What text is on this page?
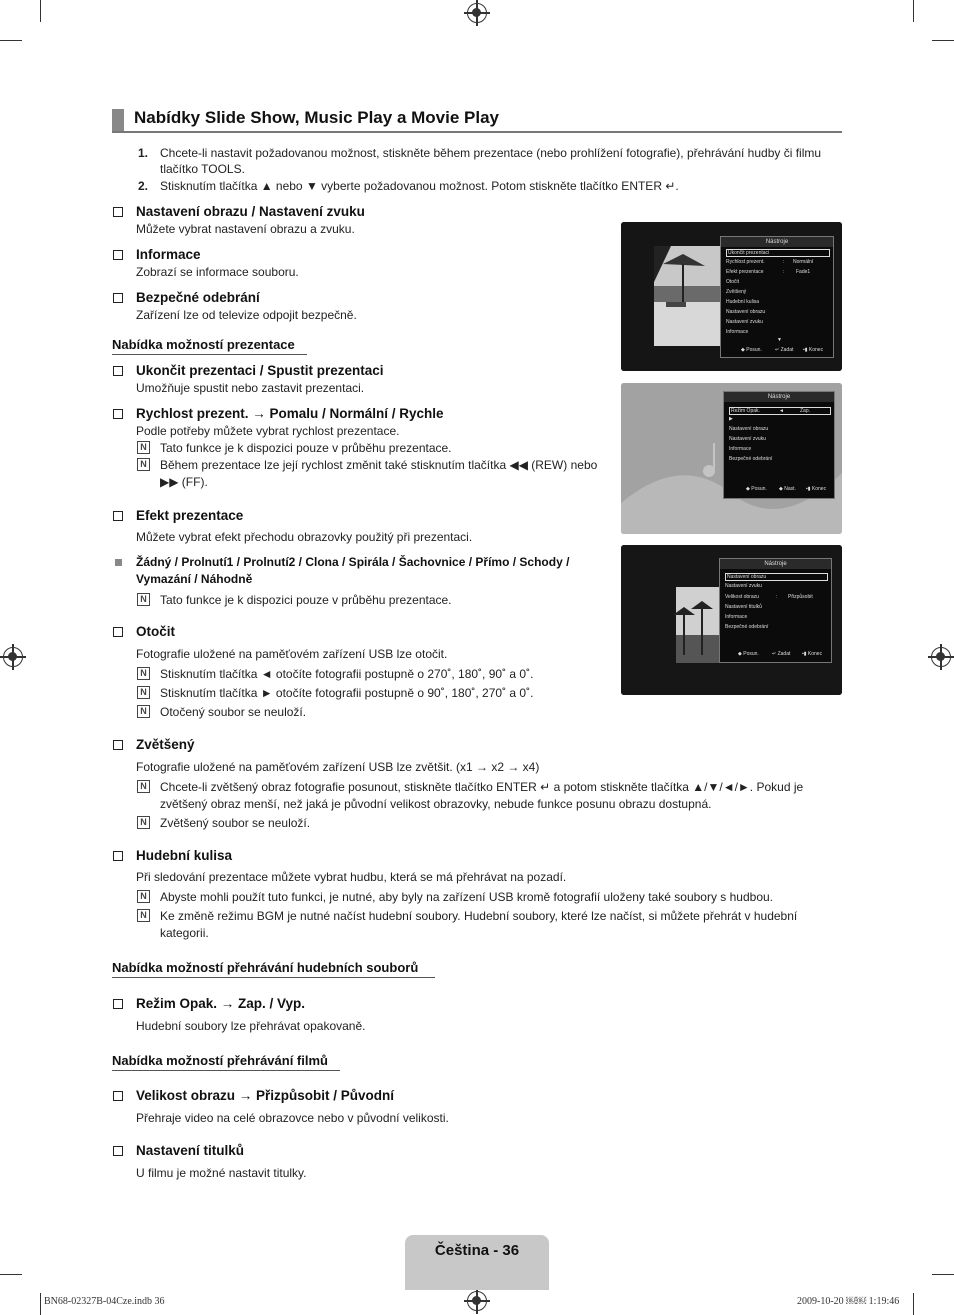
Nabídky Slide Show, Music Play a Movie Play
1. Chcete-li nastavit požadovanou možnost, stiskněte během prezentace (nebo prohlížení fotografie), přehrávání hudby či filmu
tlačítko TOOLS.
2. Stisknutím tlačítka ▲ nebo ▼ vyberte požadovanou možnost. Potom stiskněte tlačítko ENTER ↵.
Nastavení obrazu / Nastavení zvuku
Můžete vybrat nastavení obrazu a zvuku.
Informace
Zobrazí se informace souboru.
Bezpečné odebrání
Zařízení lze od televize odpojit bezpečně.
Nabídka možností prezentace
Ukončit prezentaci / Spustit prezentaci
Umožňuje spustit nebo zastavit prezentaci.
Rychlost prezent. → Pomalu / Normální / Rychle
Podle potřeby můžete vybrat rychlost prezentace.
N Tato funkce je k dispozici pouze v průběhu prezentace.
N Během prezentace lze její rychlost změnit také stisknutím tlačítka ◀◀ (REW) nebo
▶▶ (FF).
Efekt prezentace
Můžete vybrat efekt přechodu obrazovky použitý při prezentaci.
Žádný / Prolnutí1 / Prolnutí2 / Clona / Spirála / Šachovnice / Přímo / Schody /
Vymazání / Náhodně
N Tato funkce je k dispozici pouze v průběhu prezentace.
Otočit
Fotografie uložené na paměťovém zařízení USB lze otočit.
N Stisknutím tlačítka ◄ otočíte fotografii postupně o 270˚, 180˚, 90˚ a 0˚.
N Stisknutím tlačítka ► otočíte fotografii postupně o 90˚, 180˚, 270˚ a 0˚.
N Otočený soubor se neuloží.
Zvětšený
Fotografie uložené na paměťovém zařízení USB lze zvětšit. (x1 → x2 → x4)
N Chcete-li zvětšený obraz fotografie posunout, stiskněte tlačítko ENTER ↵ a potom stiskněte tlačítka ▲/▼/◄/►. Pokud je
zvětšený obraz menší, než jaká je původní velikost obrazovky, nebude funkce posunu obrazu dostupná.
N Zvětšený soubor se neuloží.
Hudební kulisa
Při sledování prezentace můžete vybrat hudbu, která se má přehrávat na pozadí.
N Abyste mohli použít tuto funkci, je nutné, aby byly na zařízení USB kromě fotografií uloženy také soubory s hudbou.
N Ke změně režimu BGM je nutné načíst hudební soubory. Hudební soubory, které lze načíst, si můžete přehrát v hudební
kategorii.
Nabídka možností přehrávání hudebních souborů
Režim Opak. → Zap. / Vyp.
Hudební soubory lze přehrávat opakovaně.
Nabídka možností přehrávání filmů
Velikost obrazu → Přizpůsobit / Původní
Přehraje video na celé obrazovce nebo v původní velikosti.
Nastavení titulků
U filmu je možné nastavit titulky.
Nástroje
Ukončit prezentaci
Rychlost prezent.	: Normální
Efekt prezentace	: Fade1
Otočit
Zvětšený
Hudební kulisa
Nastavení obrazu
Nastavení zvuku
Informace
▼
◆ Posun.	↵ Zadat ▪▮ Konec
Nástroje
Režim Opak.	◄	Zap.
▶
Nastavení obrazu
Nastavení zvuku
Informace
Bezpečné odebrání
◆ Posun. ◆ Nast. ▪▮ Konec
Nástroje
Nastavení obrazu
Nastavení zvuku
Velikost obrazu	: Přizpůsobit
Nastavení titulků
Informace
Bezpečné odebrání
◆ Posun.	↵ Zadat ▪▮ Konec
Čeština - 36
BN68-02327B-04Cze.indb 36	2009-10-20 ￼￼ 1:19:46
